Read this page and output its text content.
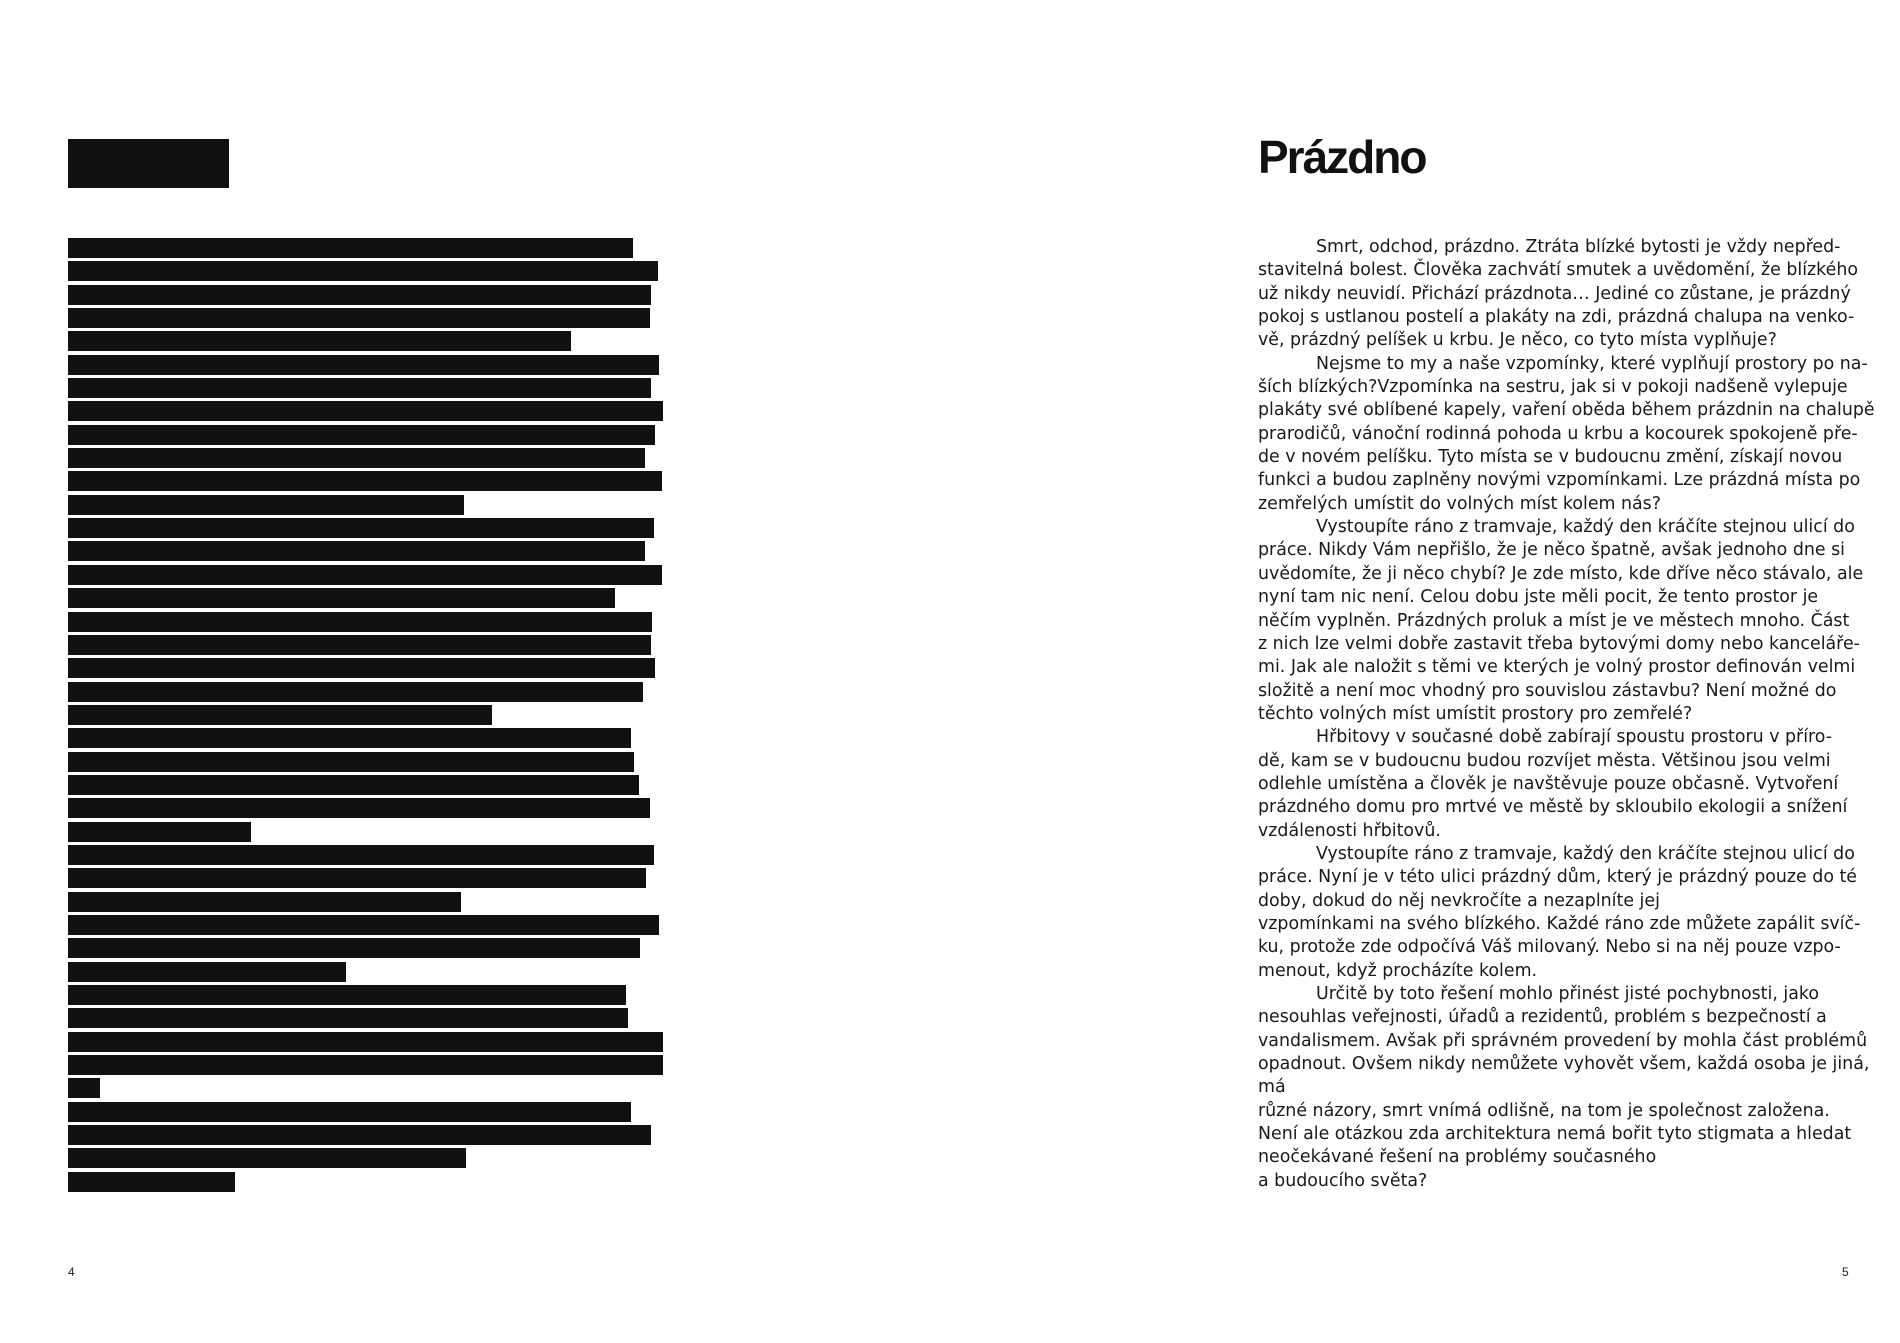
4
Prázdno
Smrt, odchod, prázdno. Ztráta blízké bytosti je vždy nepřed-
stavitelná bolest. Člověka zachvátí smutek a uvědomění, že blízkého
už nikdy neuvidí. Přichází prázdnota… Jediné co zůstane, je prázdný
pokoj s ustlanou postelí a plakáty na zdi, prázdná chalupa na venko-
vě, prázdný pelíšek u krbu. Je něco, co tyto místa vyplňuje?
Nejsme to my a naše vzpomínky, které vyplňují prostory po na-
ších blízkých?Vzpomínka na sestru, jak si v pokoji nadšeně vylepuje
plakáty své oblíbené kapely, vaření oběda během prázdnin na chalupě
prarodičů, vánoční rodinná pohoda u krbu a kocourek spokojeně pře-
de v novém pelíšku. Tyto místa se v budoucnu změní, získají novou
funkci a budou zaplněny novými vzpomínkami. Lze prázdná místa po
zemřelých umístit do volných míst kolem nás?
Vystoupíte ráno z tramvaje, každý den kráčíte stejnou ulicí do
práce. Nikdy Vám nepřišlo, že je něco špatně, avšak jednoho dne si
uvědomíte, že ji něco chybí? Je zde místo, kde dříve něco stávalo, ale
nyní tam nic není. Celou dobu jste měli pocit, že tento prostor je
něčím vyplněn. Prázdných proluk a míst je ve městech mnoho. Část
z nich lze velmi dobře zastavit třeba bytovými domy nebo kanceláře-
mi. Jak ale naložit s těmi ve kterých je volný prostor definován velmi
složitě a není moc vhodný pro souvislou zástavbu? Není možné do
těchto volných míst umístit prostory pro zemřelé?
Hřbitovy v současné době zabírají spoustu prostoru v příro-
dě, kam se v budoucnu budou rozvíjet města. Většinou jsou velmi
odlehle umístěna a člověk je navštěvuje pouze občasně. Vytvoření
prázdného domu pro mrtvé ve městě by skloubilo ekologii a snížení
vzdálenosti hřbitovů.
Vystoupíte ráno z tramvaje, každý den kráčíte stejnou ulicí do
práce. Nyní je v této ulici prázdný dům, který je prázdný pouze do té
doby, dokud do něj nevkročíte a nezaplníte jej
vzpomínkami na svého blízkého. Každé ráno zde můžete zapálit svíč-
ku, protože zde odpočívá Váš milovaný. Nebo si na něj pouze vzpo-
menout, když procházíte kolem.
Určitě by toto řešení mohlo přinést jisté pochybnosti, jako
nesouhlas veřejnosti, úřadů a rezidentů, problém s bezpečností a
vandalismem. Avšak při správném provedení by mohla část problémů
opadnout. Ovšem nikdy nemůžete vyhovět všem, každá osoba je jiná,
má
různé názory, smrt vnímá odlišně, na tom je společnost založena.
Není ale otázkou zda architektura nemá bořit tyto stigmata a hledat
neočekávané řešení na problémy současného
a budoucího světa?
5
